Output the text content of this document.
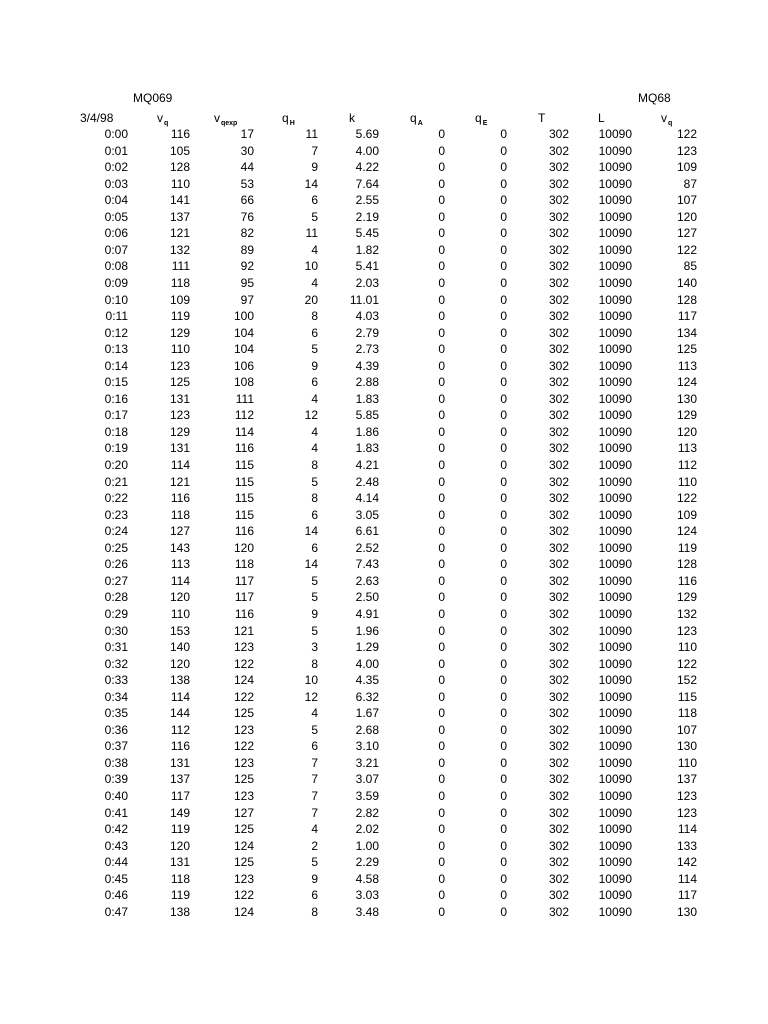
MQ069	MQ68
3/4/98	$v_q$	$v_{qexp}$	$q_H$	k	$q_A$	$q_E$	T	L	$v_q$
0:00	116	17	11	5.69	0	0	302	10090	122
0:01	105	30	7	4.00	0	0	302	10090	123
0:02	128	44	9	4.22	0	0	302	10090	109
0:03	110	53	14	7.64	0	0	302	10090	87
0:04	141	66	6	2.55	0	0	302	10090	107
0:05	137	76	5	2.19	0	0	302	10090	120
0:06	121	82	11	5.45	0	0	302	10090	127
0:07	132	89	4	1.82	0	0	302	10090	122
0:08	111	92	10	5.41	0	0	302	10090	85
0:09	118	95	4	2.03	0	0	302	10090	140
0:10	109	97	20	11.01	0	0	302	10090	128
0:11	119	100	8	4.03	0	0	302	10090	117
0:12	129	104	6	2.79	0	0	302	10090	134
0:13	110	104	5	2.73	0	0	302	10090	125
0:14	123	106	9	4.39	0	0	302	10090	113
0:15	125	108	6	2.88	0	0	302	10090	124
0:16	131	111	4	1.83	0	0	302	10090	130
0:17	123	112	12	5.85	0	0	302	10090	129
0:18	129	114	4	1.86	0	0	302	10090	120
0:19	131	116	4	1.83	0	0	302	10090	113
0:20	114	115	8	4.21	0	0	302	10090	112
0:21	121	115	5	2.48	0	0	302	10090	110
0:22	116	115	8	4.14	0	0	302	10090	122
0:23	118	115	6	3.05	0	0	302	10090	109
0:24	127	116	14	6.61	0	0	302	10090	124
0:25	143	120	6	2.52	0	0	302	10090	119
0:26	113	118	14	7.43	0	0	302	10090	128
0:27	114	117	5	2.63	0	0	302	10090	116
0:28	120	117	5	2.50	0	0	302	10090	129
0:29	110	116	9	4.91	0	0	302	10090	132
0:30	153	121	5	1.96	0	0	302	10090	123
0:31	140	123	3	1.29	0	0	302	10090	110
0:32	120	122	8	4.00	0	0	302	10090	122
0:33	138	124	10	4.35	0	0	302	10090	152
0:34	114	122	12	6.32	0	0	302	10090	115
0:35	144	125	4	1.67	0	0	302	10090	118
0:36	112	123	5	2.68	0	0	302	10090	107
0:37	116	122	6	3.10	0	0	302	10090	130
0:38	131	123	7	3.21	0	0	302	10090	110
0:39	137	125	7	3.07	0	0	302	10090	137
0:40	117	123	7	3.59	0	0	302	10090	123
0:41	149	127	7	2.82	0	0	302	10090	123
0:42	119	125	4	2.02	0	0	302	10090	114
0:43	120	124	2	1.00	0	0	302	10090	133
0:44	131	125	5	2.29	0	0	302	10090	142
0:45	118	123	9	4.58	0	0	302	10090	114
0:46	119	122	6	3.03	0	0	302	10090	117
0:47	138	124	8	3.48	0	0	302	10090	130
